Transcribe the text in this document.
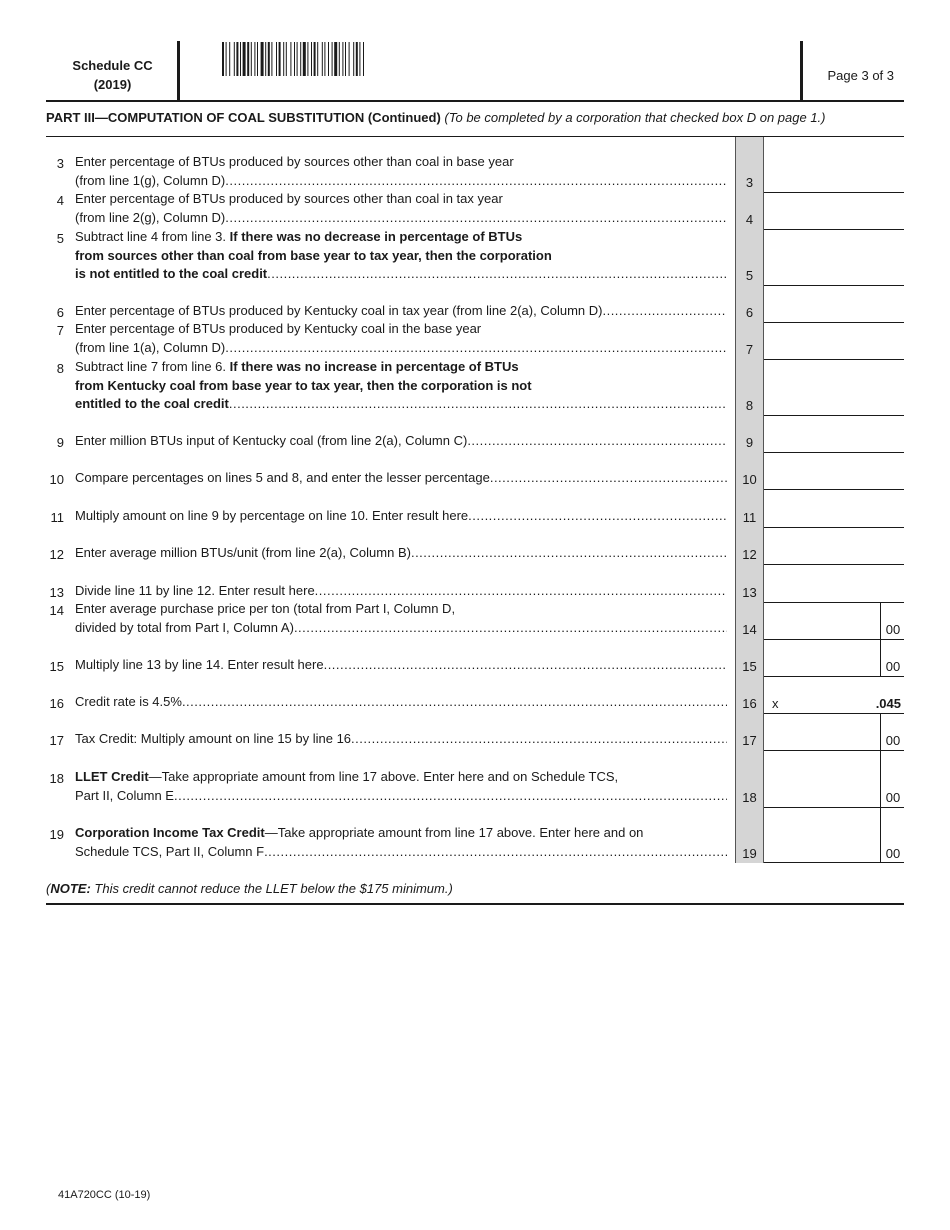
Schedule CC
(2019)
Page 3 of 3
PART III—COMPUTATION OF COAL SUBSTITUTION (Continued) (To be completed by a corporation that checked box D on page 1.)
3 Enter percentage of BTUs produced by sources other than coal in base year
(from line 1(g), Column D) .....	3
4 Enter percentage of BTUs produced by sources other than coal in tax year
(from line 2(g), Column D) .....	4
5 Subtract line 4 from line 3. If there was no decrease in percentage of BTUs
from sources other than coal from base year to tax year, then the corporation
is not entitled to the coal credit .....	5
6 Enter percentage of BTUs produced by Kentucky coal in tax year (from line 2(a), Column D) .....	6
7 Enter percentage of BTUs produced by Kentucky coal in the base year
(from line 1(a), Column D) .....	7
8 Subtract line 7 from line 6. If there was no increase in percentage of BTUs
from Kentucky coal from base year to tax year, then the corporation is not
entitled to the coal credit .....	8
9 Enter million BTUs input of Kentucky coal (from line 2(a), Column C) .....	9
10 Compare percentages on lines 5 and 8, and enter the lesser percentage .....	10
11 Multiply amount on line 9 by percentage on line 10. Enter result here .....	11
12 Enter average million BTUs/unit (from line 2(a), Column B) .....	12
13 Divide line 11 by line 12. Enter result here .....	13
14 Enter average purchase price per ton (total from Part I, Column D,
divided by total from Part I, Column A) .....	14	00
15 Multiply line 13 by line 14. Enter result here .....	15	00
16 Credit rate is 4.5% .....	16	x	.045
17 Tax Credit: Multiply amount on line 15 by line 16 .....	17	00
18 LLET Credit—Take appropriate amount from line 17 above. Enter here and on Schedule TCS,
Part II, Column E .....	18	00
19 Corporation Income Tax Credit—Take appropriate amount from line 17 above. Enter here and on
Schedule TCS, Part II, Column F .....	19	00
(NOTE: This credit cannot reduce the LLET below the $175 minimum.)
41A720CC (10-19)
